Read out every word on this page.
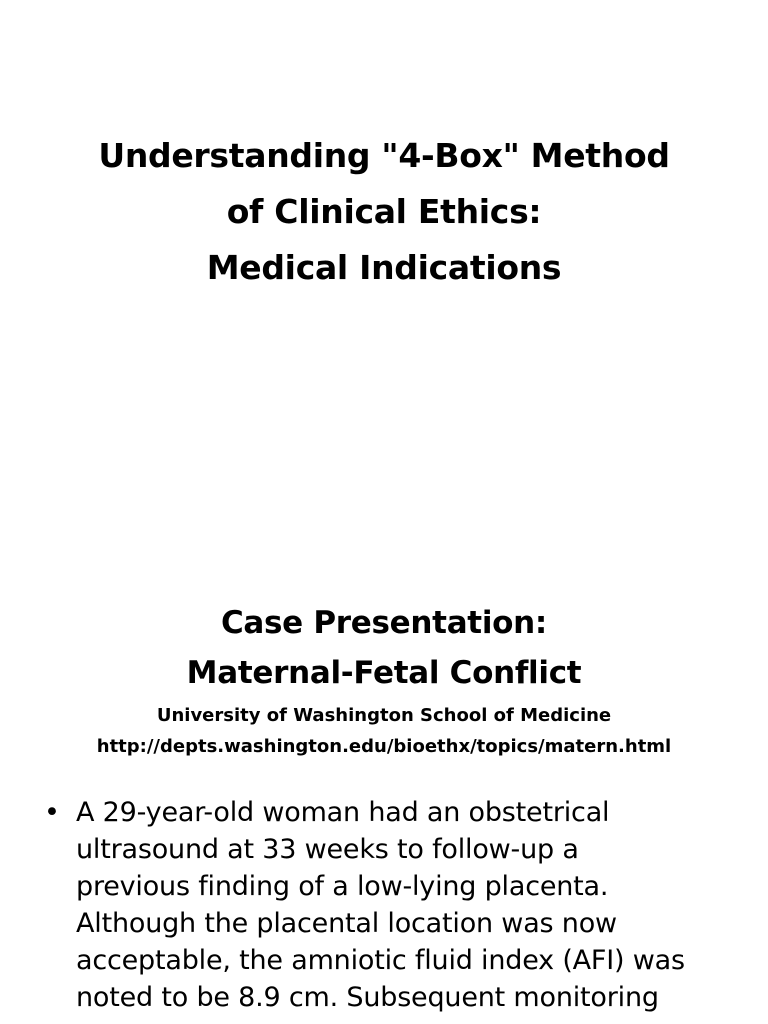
Understanding "4-Box" Method
of Clinical Ethics:
Medical Indications
Case Presentation:
Maternal-Fetal Conflict
University of Washington School of Medicine
http://depts.washington.edu/bioethx/topics/matern.html
• A 29-year-old woman had an obstetrical
ultrasound at 33 weeks to follow-up a
previous finding of a low-lying placenta.
Although the placental location was now
acceptable, the amniotic fluid index (AFI) was
noted to be 8.9 cm. Subsequent monitoring
